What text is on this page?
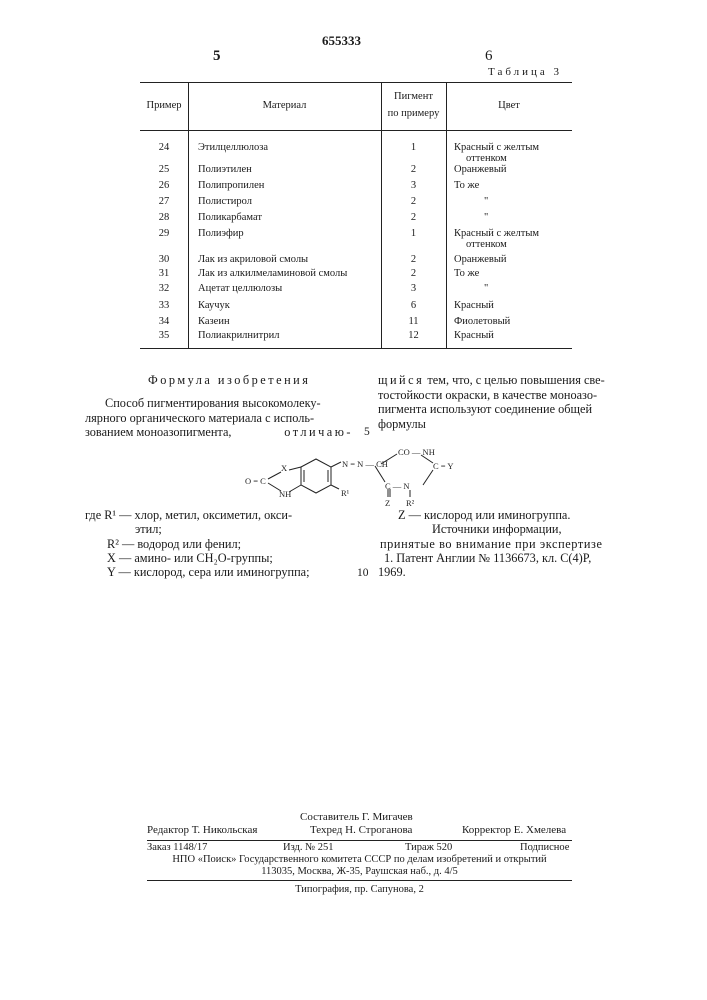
655333
5	6
Таблица 3
Пример	Материал
Пигмент
по примеру
Цвет
24	Этилцеллюлоза	1	Красный с желтым
оттенком
25	Полиэтилен	2	Оранжевый
26	Полипропилен	3	То же
27	Полистирол	2	"
28	Поликарбамат	2	"
29	Полиэфир	1	Красный с желтым
оттенком
30	Лак из акриловой смолы	2	Оранжевый
31	Лак из алкилмеламиновой смолы	2	То же
32	Ацетат целлюлозы	3	"
33	Каучук	6	Красный
34	Казеин	11	Фиолетовый
35	Полиакрилнитрил	12	Красный
Формула изобретения
Способ пигментирования высокомолеку-
лярного органического материала с исполь-
зованием моноазопигмента,	отличаю- 5
щийся тем, что, с целью повышения све-
тостойкости окраски, в качестве моноазо-
пигмента используют соединение общей
формулы
O = C
X
NH
N = N — CH
CO — NH
C = Y
C — N
R¹
Z R²
где R¹ — хлор, метил, оксиметил, окси-
этил;
R² — водород или фенил;
X — амино- или CH₂O-группы;
Y — кислород, сера или иминогруппа;	10
Z — кислород или иминогруппа.
Источники информации,
принятые во внимание при экспертизе
1. Патент Англии № 1136673, кл. C(4)P,
1969.
Составитель Г. Мигачев
Редактор Т. Никольская	Техред Н. Строганова	Корректор Е. Хмелева
Заказ 1148/17	Изд. № 251	Тираж 520	Подписное
НПО «Поиск» Государственного комитета СССР по делам изобретений и открытий
113035, Москва, Ж-35, Раушская наб., д. 4/5
Типография, пр. Сапунова, 2
